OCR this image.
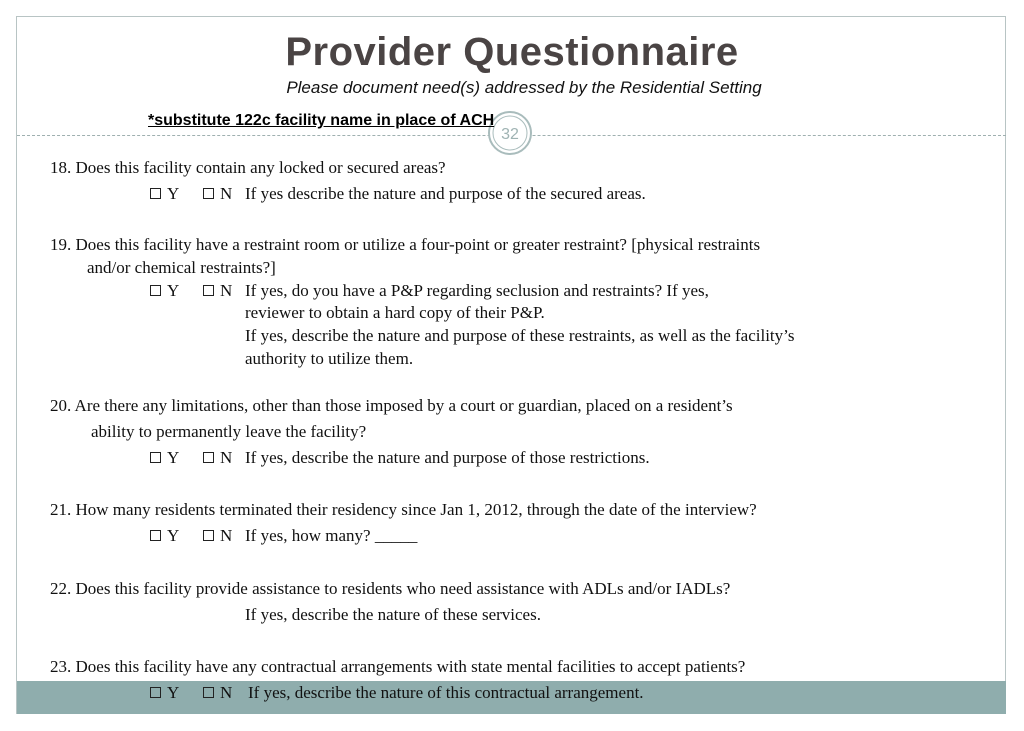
Provider Questionnaire
Please document need(s) addressed by the Residential Setting
32
*substitute 122c facility name in place of ACH
18. Does this facility contain any locked or secured areas?
Y	N If yes describe the nature and purpose of the secured areas.
19. Does this facility have a restraint room or utilize a four-point or greater restraint? [physical restraints
and/or chemical restraints?]
Y	N If yes, do you have a P&P regarding seclusion and restraints? If yes,
reviewer to obtain a hard copy of their P&P.
If yes, describe the nature and purpose of these restraints, as well as the facility’s
authority to utilize them.
20. Are there any limitations, other than those imposed by a court or guardian, placed on a resident’s
ability to permanently leave the facility?
Y	N If yes, describe the nature and purpose of those restrictions.
21. How many residents terminated their residency since Jan 1, 2012, through the date of the interview?
Y	N If yes, how many? _____
22. Does this facility provide assistance to residents who need assistance with ADLs and/or IADLs?
If yes, describe the nature of these services.
23. Does this facility have any contractual arrangements with state mental facilities to accept patients?
Y	N If yes, describe the nature of this contractual arrangement.
